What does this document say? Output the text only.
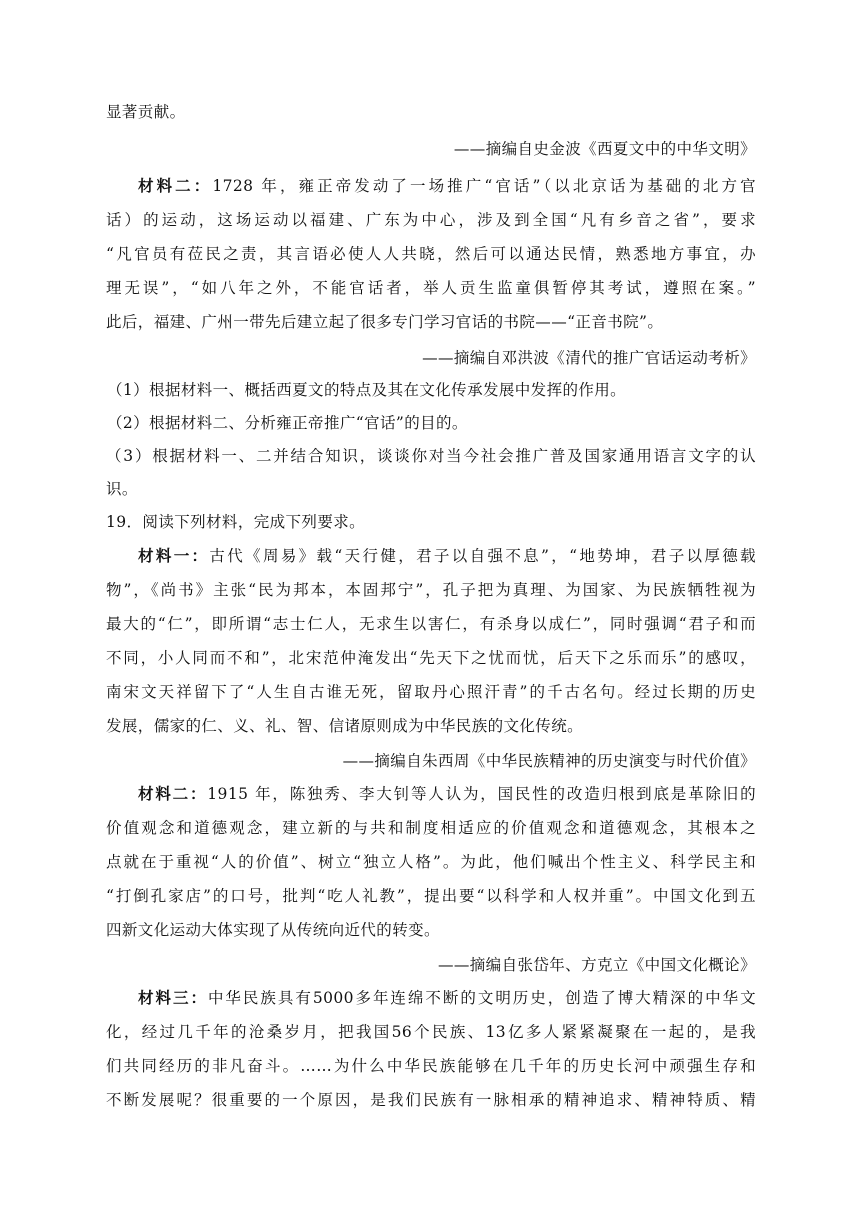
显著贡献。
——摘编自史金波《西夏文中的中华文明》
材料二：1728 年，雍正帝发动了一场推广“官话”（以北京话为基础的北方官
话）的运动，这场运动以福建、广东为中心，涉及到全国“凡有乡音之省”，要求
“凡官员有莅民之责，其言语必使人人共晓，然后可以通达民情，熟悉地方事宜，办
理无误”，“如八年之外，不能官话者，举人贡生监童俱暂停其考试，遵照在案。”
此后，福建、广州一带先后建立起了很多专门学习官话的书院——“正音书院”。
——摘编自邓洪波《清代的推广官话运动考析》
（1）根据材料一、概括西夏文的特点及其在文化传承发展中发挥的作用。
（2）根据材料二、分析雍正帝推广“官话”的目的。
（3）根据材料一、二并结合知识，谈谈你对当今社会推广普及国家通用语言文字的认
识。
19．阅读下列材料，完成下列要求。
材料一：古代《周易》载“天行健，君子以自强不息”，“地势坤，君子以厚德载
物”，《尚书》主张“民为邦本，本固邦宁”，孔子把为真理、为国家、为民族牺牲视为
最大的“仁”，即所谓“志士仁人，无求生以害仁，有杀身以成仁”，同时强调“君子和而
不同，小人同而不和”，北宋范仲淹发出“先天下之忧而忧，后天下之乐而乐”的感叹，
南宋文天祥留下了“人生自古谁无死，留取丹心照汗青”的千古名句。经过长期的历史
发展，儒家的仁、义、礼、智、信诸原则成为中华民族的文化传统。
——摘编自朱西周《中华民族精神的历史演变与时代价值》
材料二：1915 年，陈独秀、李大钊等人认为，国民性的改造归根到底是革除旧的
价值观念和道德观念，建立新的与共和制度相适应的价值观念和道德观念，其根本之
点就在于重视“人的价值”、树立“独立人格”。为此，他们喊出个性主义、科学民主和
“打倒孔家店”的口号，批判“吃人礼教”，提出要“以科学和人权并重”。中国文化到五
四新文化运动大体实现了从传统向近代的转变。
——摘编自张岱年、方克立《中国文化概论》
材料三：中华民族具有5000多年连绵不断的文明历史，创造了博大精深的中华文
化，经过几千年的沧桑岁月，把我国56个民族、13亿多人紧紧凝聚在一起的，是我
们共同经历的非凡奋斗。……为什么中华民族能够在几千年的历史长河中顽强生存和
不断发展呢？很重要的一个原因，是我们民族有一脉相承的精神追求、精神特质、精
